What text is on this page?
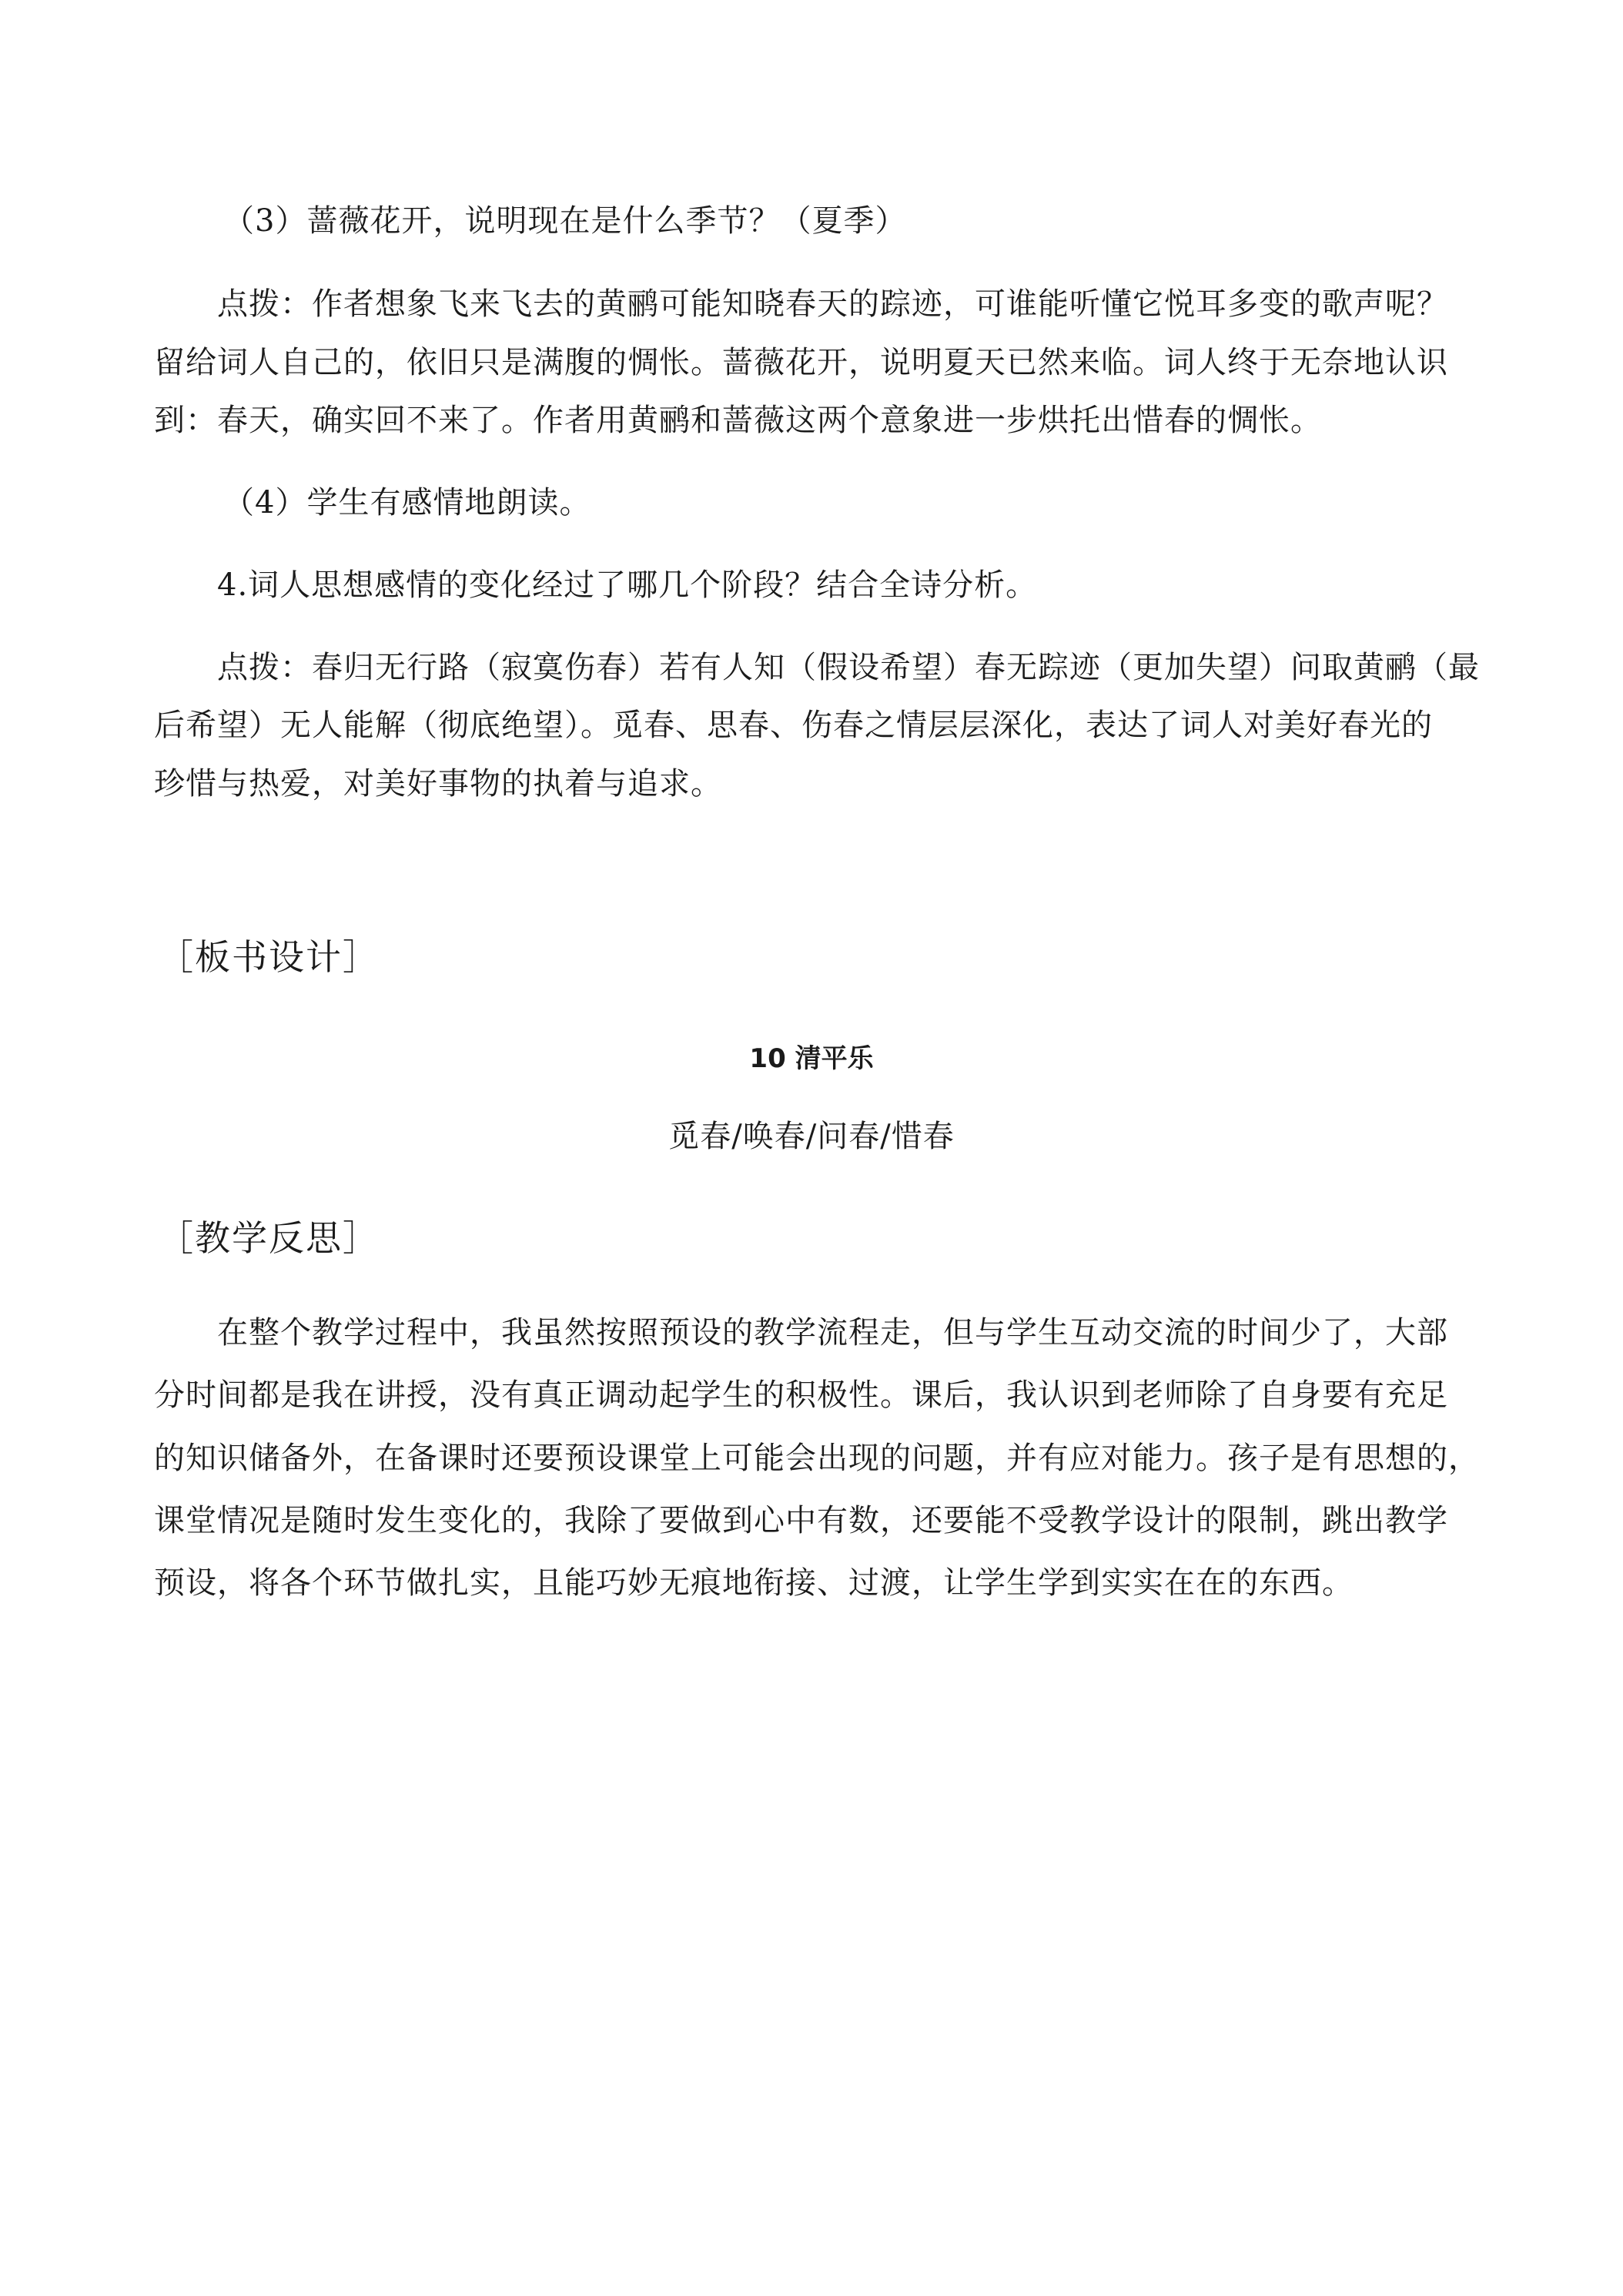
（3）蔷薇花开，说明现在是什么季节？（夏季）
点拨：作者想象飞来飞去的黄鹂可能知晓春天的踪迹，可谁能听懂它悦耳多变的歌声呢？
留给词人自己的，依旧只是满腹的惆怅。蔷薇花开，说明夏天已然来临。词人终于无奈地认识
到：春天，确实回不来了。作者用黄鹂和蔷薇这两个意象进一步烘托出惜春的惆怅。
（4）学生有感情地朗读。
4.词人思想感情的变化经过了哪几个阶段？结合全诗分析。
点拨：春归无行路（寂寞伤春）若有人知（假设希望）春无踪迹（更加失望）问取黄鹂（最
后希望）无人能解（彻底绝望）。觅春、思春、伤春之情层层深化，表达了词人对美好春光的
珍惜与热爱，对美好事物的执着与追求。
［板书设计］
10 清平乐
觅春/唤春/问春/惜春
［教学反思］
在整个教学过程中，我虽然按照预设的教学流程走，但与学生互动交流的时间少了，大部
分时间都是我在讲授，没有真正调动起学生的积极性。课后，我认识到老师除了自身要有充足
的知识储备外，在备课时还要预设课堂上可能会出现的问题，并有应对能力。孩子是有思想的，
课堂情况是随时发生变化的，我除了要做到心中有数，还要能不受教学设计的限制，跳出教学
预设，将各个环节做扎实，且能巧妙无痕地衔接、过渡，让学生学到实实在在的东西。
